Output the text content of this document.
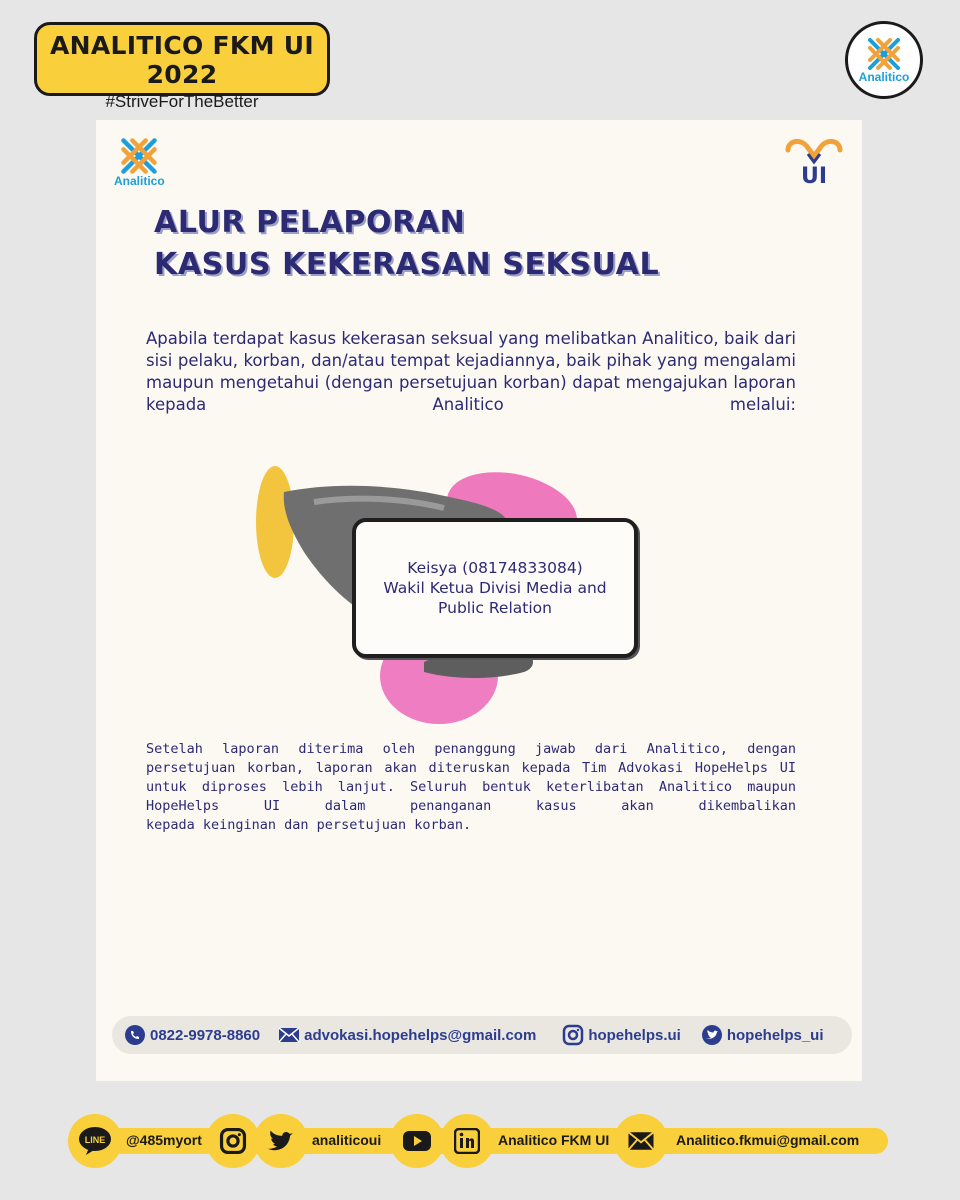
ANALITICO FKM UI 2022
#StriveForTheBetter
Analitico
Analitico	UI
ALUR PELAPORAN
KASUS KEKERASAN SEKSUAL
Apabila terdapat kasus kekerasan seksual yang melibatkan Analitico, baik dari sisi pelaku, korban, dan/atau tempat kejadiannya, baik pihak yang mengalami maupun mengetahui (dengan persetujuan korban) dapat mengajukan laporan kepada Analitico melalui:
Keisya (08174833084)
Wakil Ketua Divisi Media and
Public Relation
Setelah laporan diterima oleh penanggung jawab dari Analitico, dengan persetujuan korban, laporan akan diteruskan kepada Tim Advokasi HopeHelps UI untuk diproses lebih lanjut. Seluruh bentuk keterlibatan Analitico maupun HopeHelps UI dalam penanganan kasus akan dikembalikan
kepada keinginan dan persetujuan korban.
0822-9978-8860	advokasi.hopehelps@gmail.com	hopehelps.ui	hopehelps_ui
LINE @485myort	analiticoui	Analitico FKM UI	Analitico.fkmui@gmail.com
